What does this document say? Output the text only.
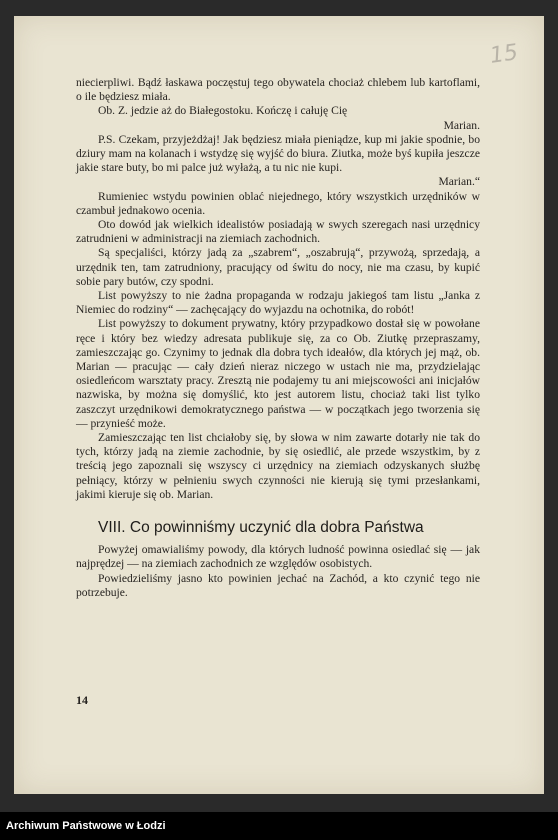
15

niecierpliwi. Bądź łaskawa poczęstuj tego obywatela chociaż chlebem lub kartoflami, o ile będziesz miała.

Ob. Z. jedzie aż do Białegostoku. Kończę i całuję Cię

Marian.

P.S. Czekam, przyjeżdżaj! Jak będziesz miała pieniądze, kup mi jakie spodnie, bo dziury mam na kolanach i wstydzę się wyjść do biura. Ziutka, może byś kupiła jeszcze jakie stare buty, bo mi palce już wyłażą, a tu nic nie kupi.

Marian.“

Rumieniec wstydu powinien oblać niejednego, który wszystkich urzędników w czambuł jednakowo ocenia.

Oto dowód jak wielkich idealistów posiadają w swych szeregach nasi urzędnicy zatrudnieni w administracji na ziemiach zachodnich.

Są specjaliści, którzy jadą za „szabrem“, „oszabrują“, przywożą, sprzedają, a urzędnik ten, tam zatrudniony, pracujący od świtu do nocy, nie ma czasu, by kupić sobie pary butów, czy spodni.

List powyższy to nie żadna propaganda w rodzaju jakiegoś tam listu „Janka z Niemiec do rodziny“ — zachęcający do wyjazdu na ochotnika, do robót!

List powyższy to dokument prywatny, który przypadkowo dostał się w powołane ręce i który bez wiedzy adresata publikuje się, za co Ob. Ziutkę przepraszamy, zamieszczając go. Czynimy to jednak dla dobra tych ideałów, dla których jej mąż, ob. Marian — pracując — cały dzień nieraz niczego w ustach nie ma, przydzielając osiedleńcom warsztaty pracy. Zresztą nie podajemy tu ani miejscowości ani inicjałów nazwiska, by można się domyślić, kto jest autorem listu, chociaż taki list tylko zaszczyt urzędnikowi demokratycznego państwa — w początkach jego tworzenia się — przynieść może.

Zamieszczając ten list chciałoby się, by słowa w nim zawarte dotarły nie tak do tych, którzy jadą na ziemie zachodnie, by się osiedlić, ale przede wszystkim, by z treścią jego zapoznali się wszyscy ci urzędnicy na ziemiach odzyskanych służbę pełniący, którzy w pełnieniu swych czynności nie kierują się tymi przesłankami, jakimi kieruje się ob. Marian.

VIII. Co powinniśmy uczynić dla dobra Państwa

Powyżej omawialiśmy powody, dla których ludność powinna osiedlać się — jak najprędzej — na ziemiach zachodnich ze względów osobistych.

Powiedzieliśmy jasno kto powinien jechać na Zachód, a kto czynić tego nie potrzebuje.

14
Archiwum Państwowe w Łodzi
